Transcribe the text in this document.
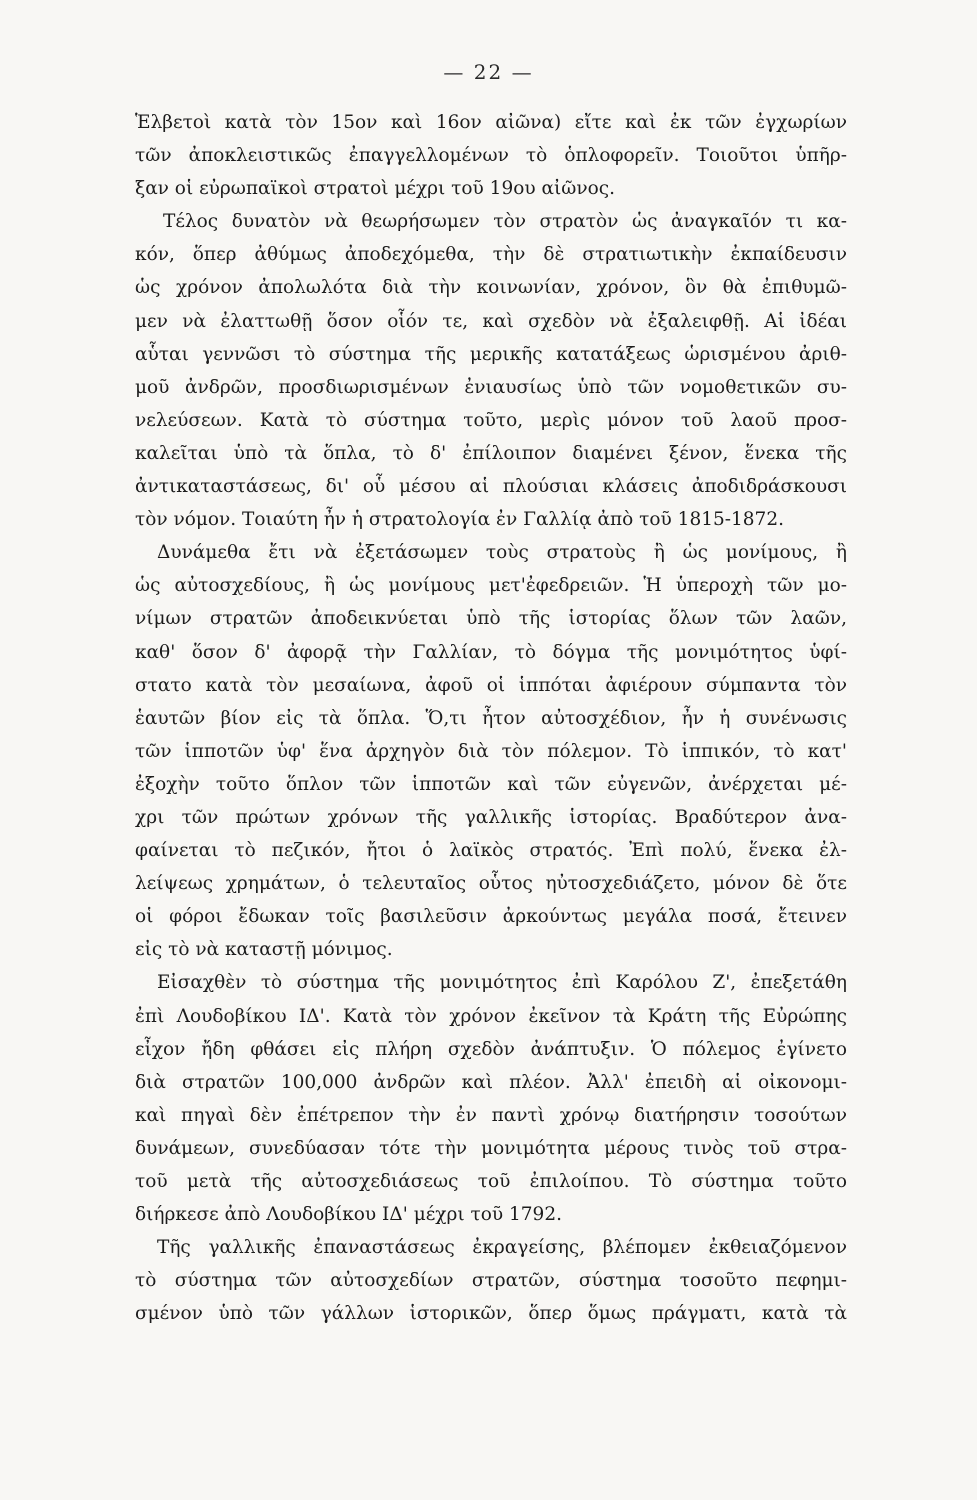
— 22 —
Ἑλβετοὶ κατὰ τὸν 15ον καὶ 16ον αἰῶνα) εἴτε καὶ ἐκ τῶν ἐγχωρίων
τῶν ἀποκλειστικῶς ἐπαγγελλομένων τὸ ὁπλοφορεῖν. Τοιοῦτοι ὑπῆρ-
ξαν οἱ εὐρωπαϊκοὶ στρατοὶ μέχρι τοῦ 19ου αἰῶνος.
Τέλος δυνατὸν νὰ θεωρήσωμεν τὸν στρατὸν ὡς ἀναγκαῖόν τι κα-
κόν, ὅπερ ἀθύμως ἀποδεχόμεθα, τὴν δὲ στρατιωτικὴν ἐκπαίδευσιν
ὡς χρόνον ἀπολωλότα διὰ τὴν κοινωνίαν, χρόνον, ὃν θὰ ἐπιθυμῶ-
μεν νὰ ἐλαττωθῇ ὅσον οἷόν τε, καὶ σχεδὸν νὰ ἐξαλειφθῇ. Αἱ ἰδέαι
αὗται γεννῶσι τὸ σύστημα τῆς μερικῆς κατατάξεως ὡρισμένου ἀριθ-
μοῦ ἀνδρῶν, προσδιωρισμένων ἐνιαυσίως ὑπὸ τῶν νομοθετικῶν συ-
νελεύσεων. Κατὰ τὸ σύστημα τοῦτο, μερὶς μόνον τοῦ λαοῦ προσ-
καλεῖται ὑπὸ τὰ ὅπλα, τὸ δ' ἐπίλοιπον διαμένει ξένον, ἕνεκα τῆς
ἀντικαταστάσεως, δι' οὗ μέσου αἱ πλούσιαι κλάσεις ἀποδιδράσκουσι
τὸν νόμον. Τοιαύτη ἦν ἡ στρατολογία ἐν Γαλλίᾳ ἀπὸ τοῦ 1815-1872.
Δυνάμεθα ἔτι νὰ ἐξετάσωμεν τοὺς στρατοὺς ἢ ὡς μονίμους, ἢ
ὡς αὐτοσχεδίους, ἢ ὡς μονίμους μετ'ἐφεδρειῶν. Ἡ ὑπεροχὴ τῶν μο-
νίμων στρατῶν ἀποδεικνύεται ὑπὸ τῆς ἱστορίας ὅλων τῶν λαῶν,
καθ' ὅσον δ' ἀφορᾷ τὴν Γαλλίαν, τὸ δόγμα τῆς μονιμότητος ὑφί-
στατο κατὰ τὸν μεσαίωνα, ἀφοῦ οἱ ἱππόται ἀφιέρουν σύμπαντα τὸν
ἑαυτῶν βίον εἰς τὰ ὅπλα. Ὅ,τι ἦτον αὐτοσχέδιον, ἦν ἡ συνένωσις
τῶν ἱπποτῶν ὑφ' ἕνα ἀρχηγὸν διὰ τὸν πόλεμον. Τὸ ἱππικόν, τὸ κατ'
ἐξοχὴν τοῦτο ὅπλον τῶν ἱπποτῶν καὶ τῶν εὐγενῶν, ἀνέρχεται μέ-
χρι τῶν πρώτων χρόνων τῆς γαλλικῆς ἱστορίας. Βραδύτερον ἀνα-
φαίνεται τὸ πεζικόν, ἤτοι ὁ λαϊκὸς στρατός. Ἐπὶ πολύ, ἕνεκα ἐλ-
λείψεως χρημάτων, ὁ τελευταῖος οὗτος ηὐτοσχεδιάζετο, μόνον δὲ ὅτε
οἱ φόροι ἔδωκαν τοῖς βασιλεῦσιν ἀρκούντως μεγάλα ποσά, ἔτεινεν
εἰς τὸ νὰ καταστῇ μόνιμος.
Εἰσαχθὲν τὸ σύστημα τῆς μονιμότητος ἐπὶ Καρόλου Ζ', ἐπεξετάθη
ἐπὶ Λουδοβίκου ΙΔ'. Κατὰ τὸν χρόνον ἐκεῖνον τὰ Κράτη τῆς Εὐρώπης
εἶχον ἤδη φθάσει εἰς πλήρη σχεδὸν ἀνάπτυξιν. Ὁ πόλεμος ἐγίνετο
διὰ στρατῶν 100,000 ἀνδρῶν καὶ πλέον. Ἀλλ' ἐπειδὴ αἱ οἰκονομι-
καὶ πηγαὶ δὲν ἐπέτρεπον τὴν ἐν παντὶ χρόνῳ διατήρησιν τοσούτων
δυνάμεων, συνεδύασαν τότε τὴν μονιμότητα μέρους τινὸς τοῦ στρα-
τοῦ μετὰ τῆς αὐτοσχεδιάσεως τοῦ ἐπιλοίπου. Τὸ σύστημα τοῦτο
διήρκεσε ἀπὸ Λουδοβίκου ΙΔ' μέχρι τοῦ 1792.
Τῆς γαλλικῆς ἐπαναστάσεως ἐκραγείσης, βλέπομεν ἐκθειαζόμενον
τὸ σύστημα τῶν αὐτοσχεδίων στρατῶν, σύστημα τοσοῦτο πεφημι-
σμένον ὑπὸ τῶν γάλλων ἱστορικῶν, ὅπερ ὅμως πράγματι, κατὰ τὰ
